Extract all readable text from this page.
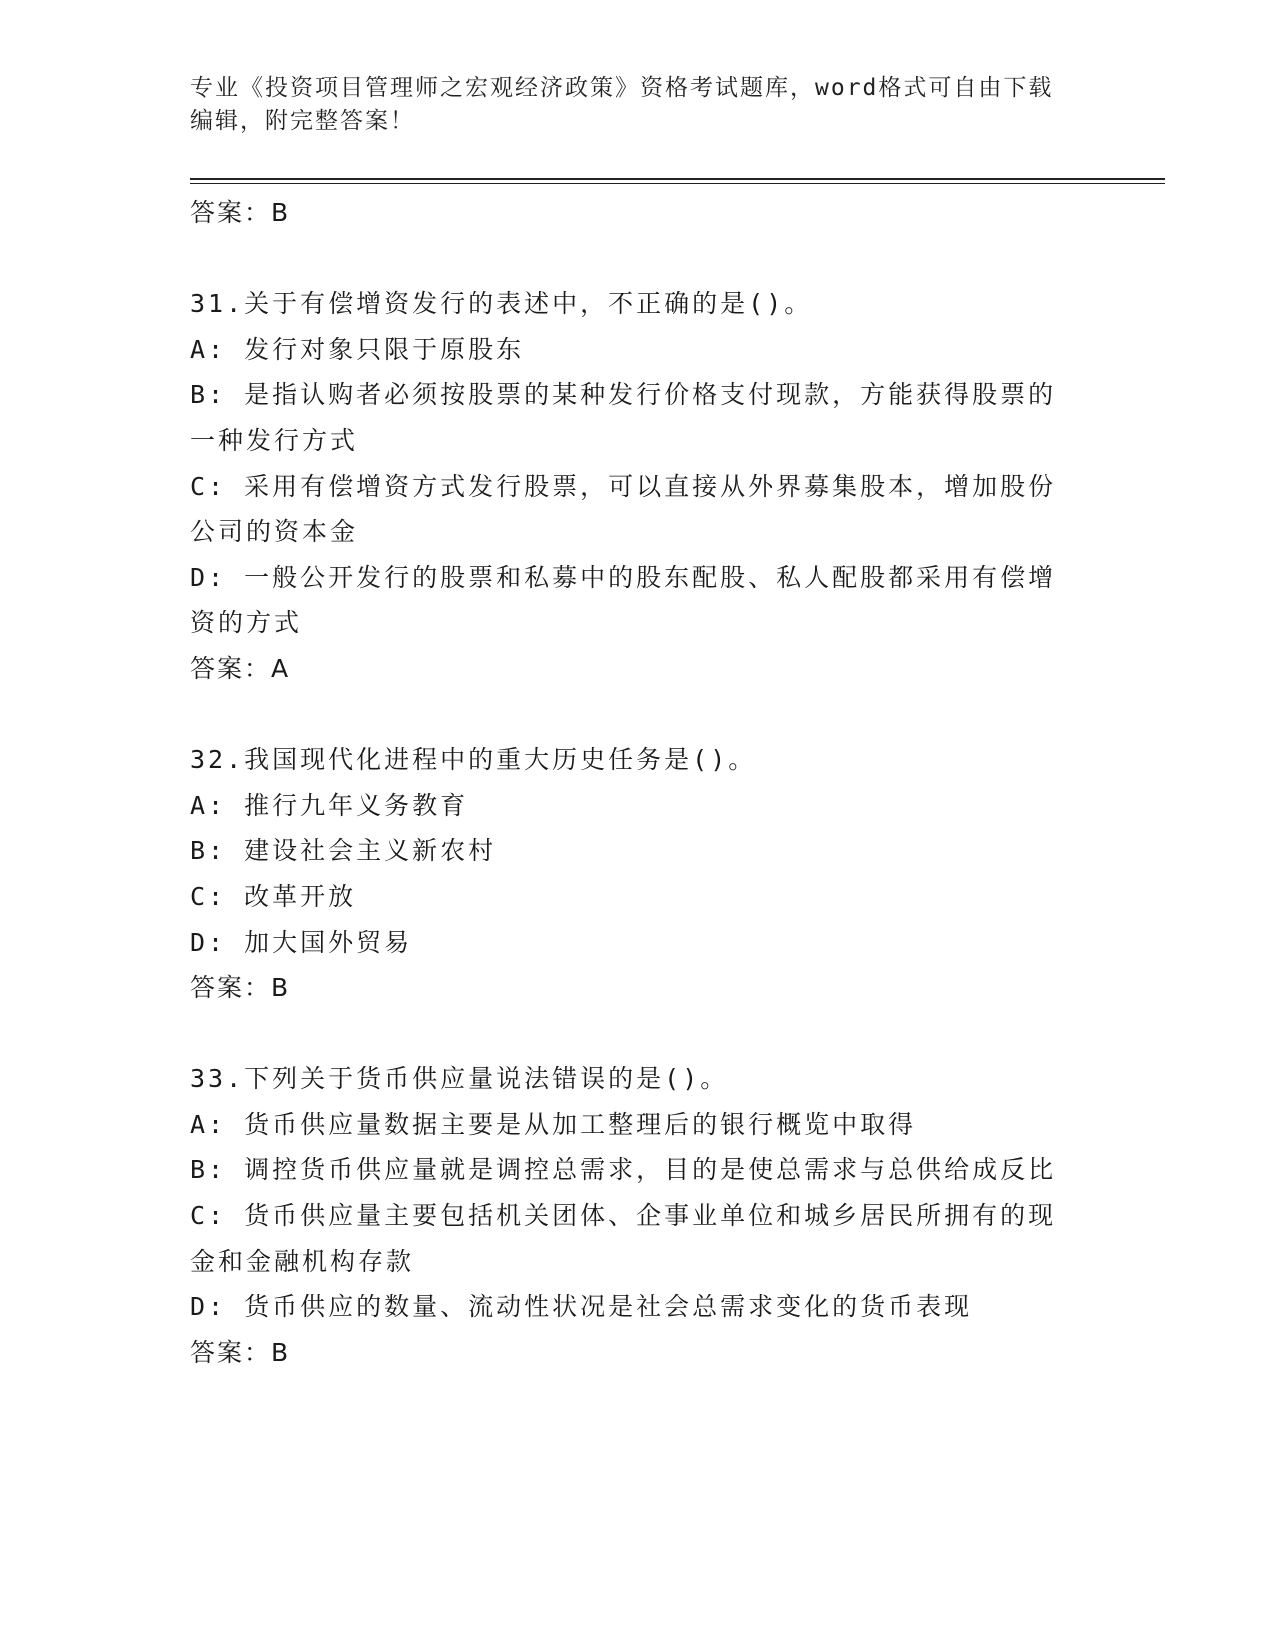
专业《投资项目管理师之宏观经济政策》资格考试题库，word格式可自由下载编辑，附完整答案！
答案：B
31.关于有偿增资发行的表述中，不正确的是()。
A: 发行对象只限于原股东
B: 是指认购者必须按股票的某种发行价格支付现款，方能获得股票的
一种发行方式
C: 采用有偿增资方式发行股票，可以直接从外界募集股本，增加股份
公司的资本金
D: 一般公开发行的股票和私募中的股东配股、私人配股都采用有偿增
资的方式
答案：A
32.我国现代化进程中的重大历史任务是()。
A: 推行九年义务教育
B: 建设社会主义新农村
C: 改革开放
D: 加大国外贸易
答案：B
33.下列关于货币供应量说法错误的是()。
A: 货币供应量数据主要是从加工整理后的银行概览中取得
B: 调控货币供应量就是调控总需求，目的是使总需求与总供给成反比
C: 货币供应量主要包括机关团体、企事业单位和城乡居民所拥有的现
金和金融机构存款
D: 货币供应的数量、流动性状况是社会总需求变化的货币表现
答案：B
